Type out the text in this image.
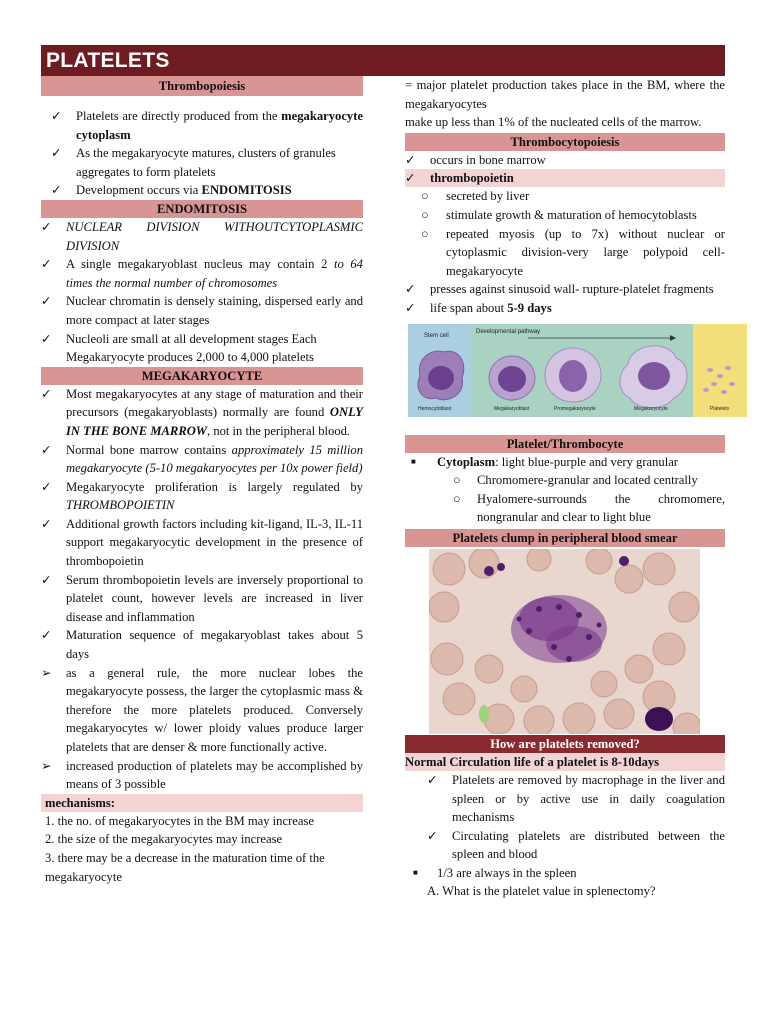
PLATELETS
Thrombopoiesis
✓	Platelets are directly produced from the megakaryocyte cytoplasm
✓	As the megakaryocyte matures, clusters of granules aggregates to form platelets
✓	Development occurs via ENDOMITOSIS
ENDOMITOSIS
✓	NUCLEAR DIVISION WITHOUTCYTOPLASMIC DIVISION
✓	A single megakaryoblast nucleus may contain 2 to 64 times the normal number of chromosomes
✓	Nuclear chromatin is densely staining, dispersed early and more compact at later stages
✓	Nucleoli are small at all development stages Each Megakaryocyte produces 2,000 to 4,000 platelets
MEGAKARYOCYTE
✓	Most megakaryocytes at any stage of maturation and their precursors (megakaryoblasts) normally are found ONLY IN THE BONE MARROW, not in the peripheral blood.
✓	Normal bone marrow contains approximately 15 million megakaryocyte (5-10 megakaryocytes per 10x power field)
✓	Megakaryocyte proliferation is largely regulated by THROMBOPOIETIN
✓	Additional growth factors including kit-ligand, IL-3, IL-11 support megakaryocytic development in the presence of thrombopoietin
✓	Serum thrombopoietin levels are inversely proportional to platelet count, however levels are increased in liver disease and inflammation
✓	Maturation sequence of megakaryoblast takes about 5 days
➢	as a general rule, the more nuclear lobes the megakaryocyte possess, the larger the cytoplasmic mass & therefore the more platelets produced. Conversely megakaryocytes w/ lower ploidy values produce larger platelets that are denser & more functionally active.
➢	increased production of platelets may be accomplished by means of 3 possible
mechanisms:
1. the no. of megakaryocytes in the BM may increase
2. the size of the megakaryocytes may increase
3. there may be a decrease in the maturation time of the megakaryocyte
= major platelet production takes place in the BM, where the megakaryocytes
make up less than 1% of the nucleated cells of the marrow.
Thrombocytopoiesis
✓	occurs in bone marrow
✓	thrombopoietin
○	secreted by liver
○	stimulate growth & maturation of hemocytoblasts
○	repeated myosis (up to 7x) without nuclear or cytoplasmic division-very large polypoid cell-megakaryocyte
✓	presses against sinusoid wall- rupture-platelet fragments
✓	life span about 5-9 days
Stem cell
Developmental pathway
Hemocytoblast	Megakaryoblast	Promegakaryocyte	Megakaryocyte	Platelets
Platelet/Thrombocyte
■	Cytoplasm: light blue-purple and very granular
○	Chromomere-granular and located centrally
○	Hyalomere-surrounds the chromomere, nongranular and clear to light blue
Platelets clump in peripheral blood smear
How are platelets removed?
Normal Circulation life of a platelet is 8-10days
✓	Platelets are removed by macrophage in the liver and spleen or by active use in daily coagulation mechanisms
✓	Circulating platelets are distributed between the spleen and blood
■	1/3 are always in the spleen
A. What is the platelet value in splenectomy?
